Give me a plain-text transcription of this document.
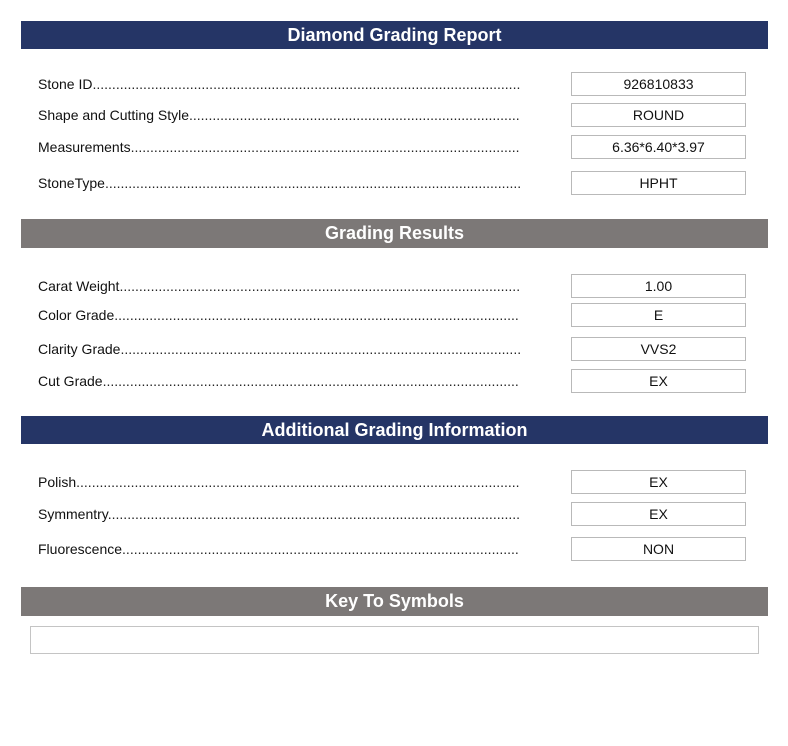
Diamond Grading Report
Stone ID .....	926810833
Shape and Cutting Style .....	ROUND
Measurements .....	6.36*6.40*3.97
StoneType .....	HPHT
Grading Results
Carat Weight .....	1.00
Color Grade .....	E
Clarity Grade .....	VVS2
Cut Grade .....	EX
Additional Grading Information
Polish .....	EX
Symmentry .....	EX
Fluorescence .....	NON
Key To Symbols
